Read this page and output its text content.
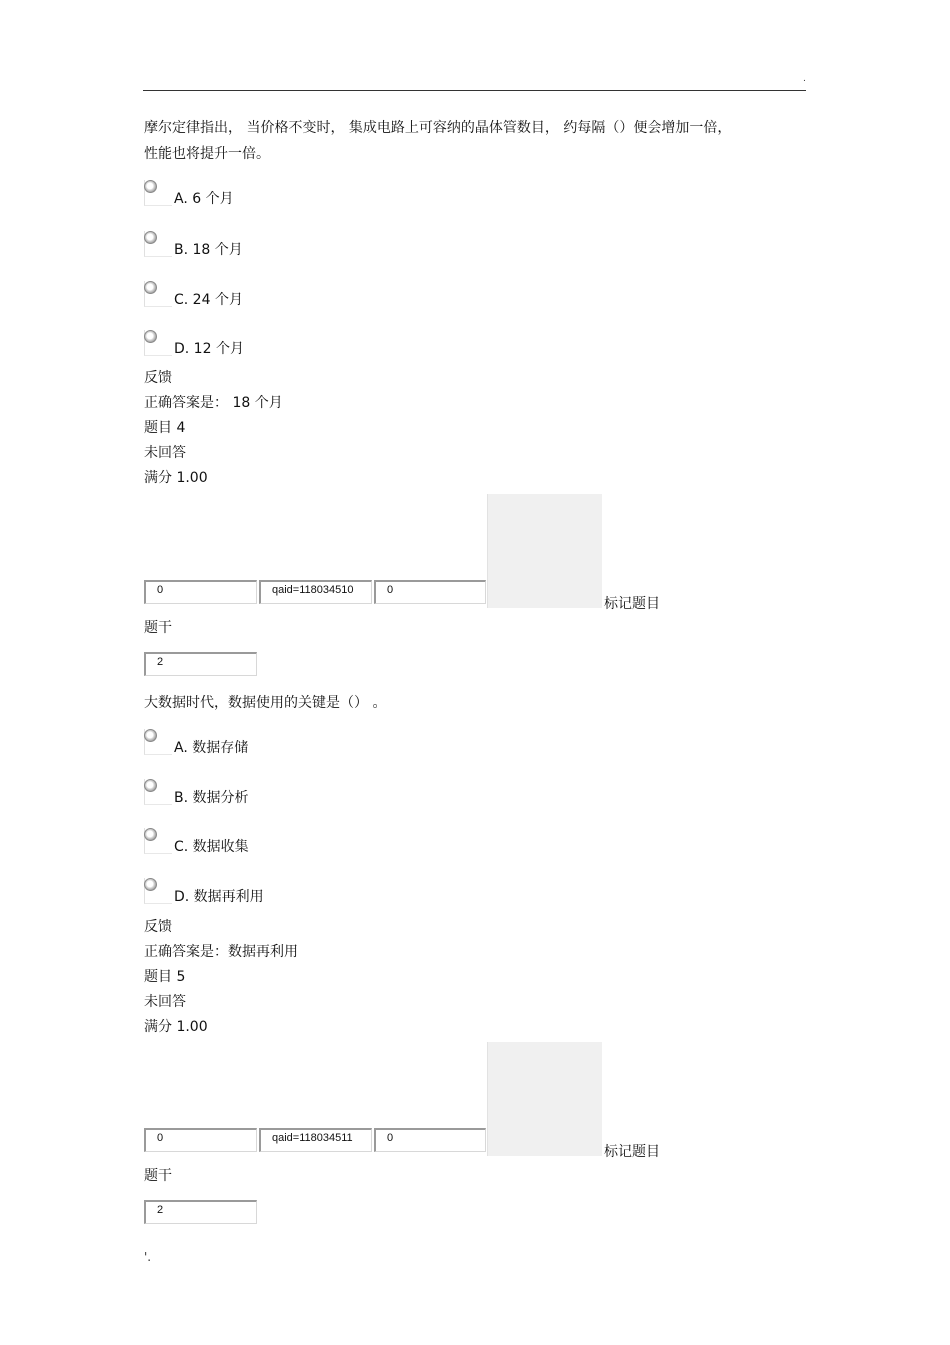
.
摩尔定律指出， 当价格不变时， 集成电路上可容纳的晶体管数目， 约每隔（）便会增加一倍，
性能也将提升一倍。
A. 6 个月
B. 18 个月
C. 24 个月
D. 12 个月
反馈
正确答案是： 18 个月
题目 4
未回答
满分 1.00
0	qaid=118034510	0
标记题目
题干
2
大数据时代，数据使用的关键是（） 。
A. 数据存储
B. 数据分析
C. 数据收集
D. 数据再利用
反馈
正确答案是：数据再利用
题目 5
未回答
满分 1.00
0	qaid=118034511	0
标记题目
题干
2
'.
